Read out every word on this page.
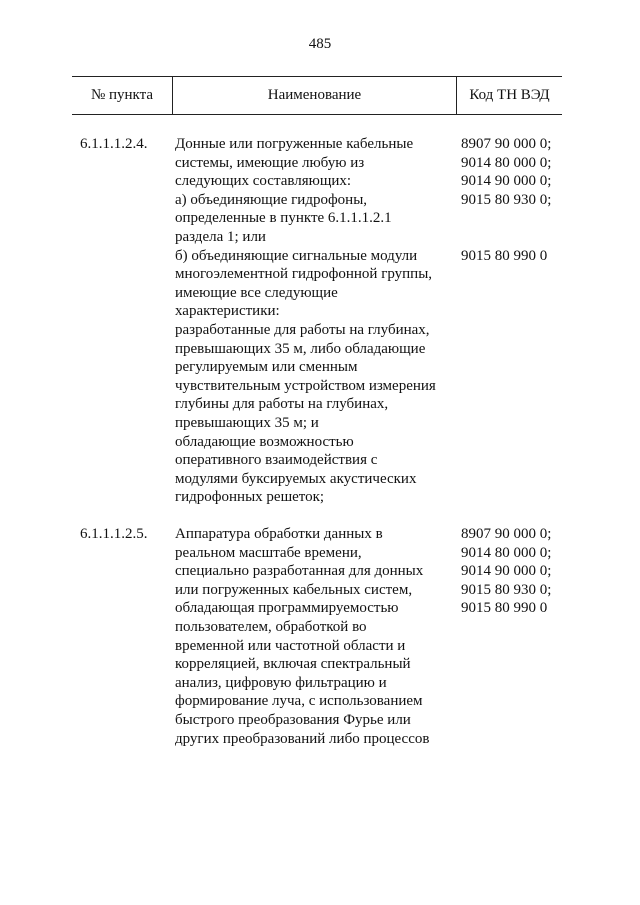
485
№ пункта	Наименование	Код ТН ВЭД
6.1.1.1.2.4. Донные или погруженные кабельные
системы, имеющие любую из
следующих составляющих:
а) объединяющие гидрофоны,
определенные в пункте 6.1.1.1.2.1
раздела 1; или
б) объединяющие сигнальные модули
многоэлементной гидрофонной группы,
имеющие все следующие
характеристики:
разработанные для работы на глубинах,
превышающих 35 м, либо обладающие
регулируемым или сменным
чувствительным устройством измерения
глубины для работы на глубинах,
превышающих 35 м; и
обладающие возможностью
оперативного взаимодействия с
модулями буксируемых акустических
гидрофонных решеток;
8907 90 000 0;
9014 80 000 0;
9014 90 000 0;
9015 80 930 0;
9015 80 990 0
6.1.1.1.2.5. Аппаратура обработки данных в
реальном масштабе времени,
специально разработанная для донных
или погруженных кабельных систем,
обладающая программируемостью
пользователем, обработкой во
временной или частотной области и
корреляцией, включая спектральный
анализ, цифровую фильтрацию и
формирование луча, с использованием
быстрого преобразования Фурье или
других преобразований либо процессов
8907 90 000 0;
9014 80 000 0;
9014 90 000 0;
9015 80 930 0;
9015 80 990 0
